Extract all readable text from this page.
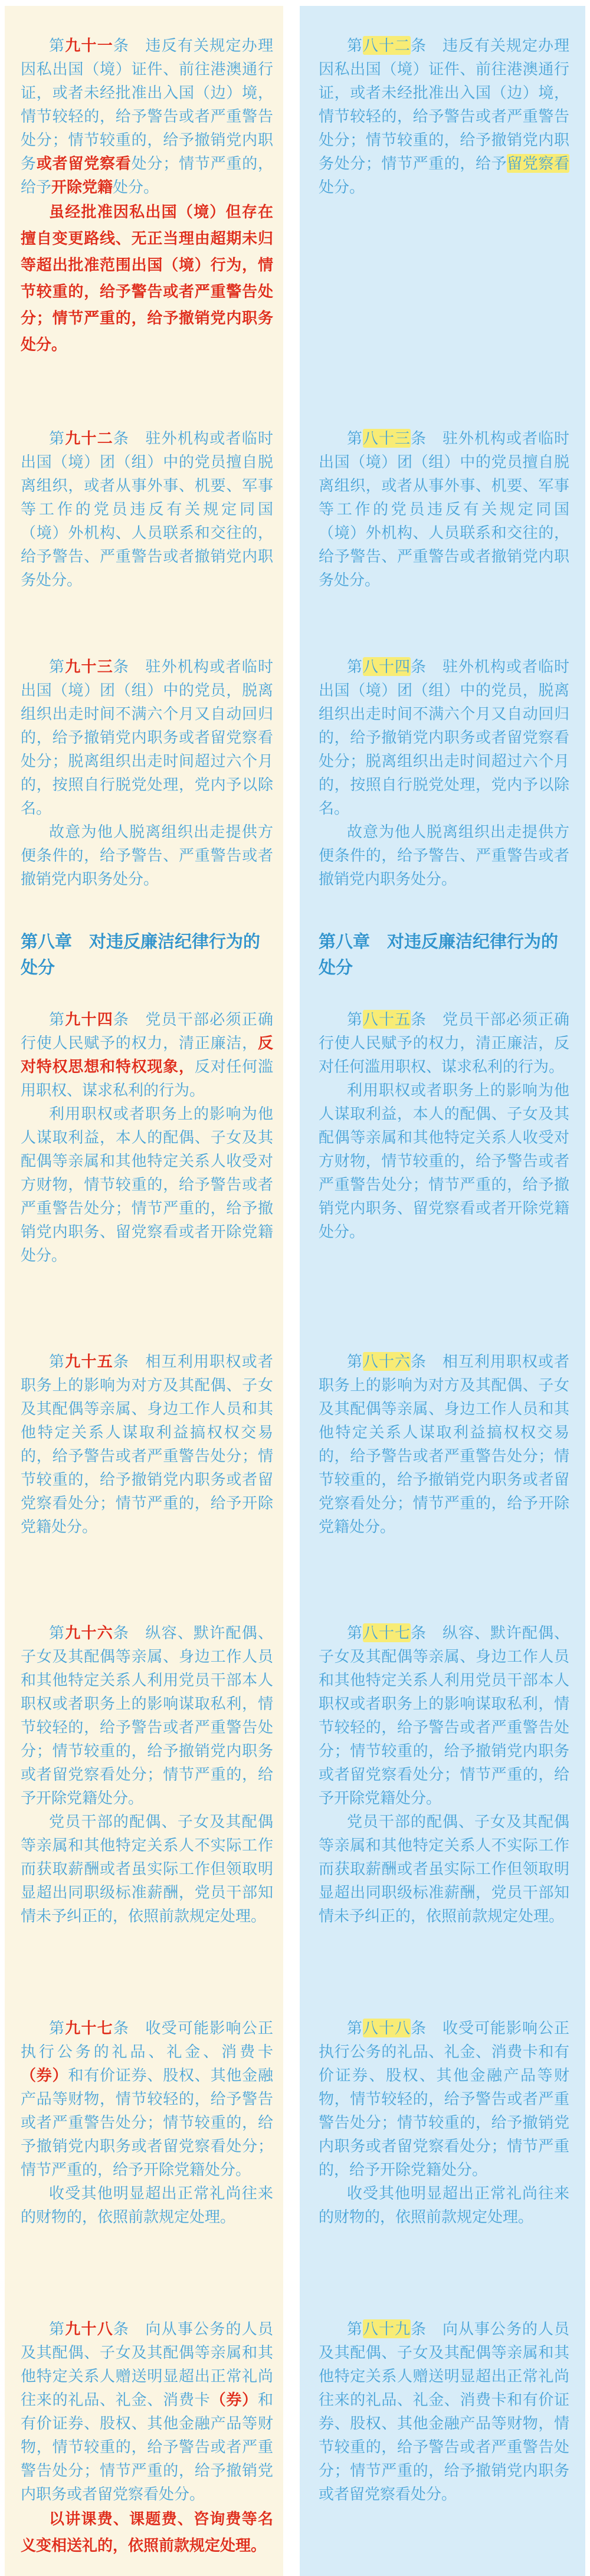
第九十一条　违反有关规定办理因私出国（境）证件、前往港澳通行证，或者未经批准出入国（边）境，情节较轻的，给予警告或者严重警告处分；情节较重的，给予撤销党内职务或者留党察看处分；情节严重的，给予开除党籍处分。

虽经批准因私出国（境）但存在擅自变更路线、无正当理由超期未归等超出批准范围出国（境）行为，情节较重的，给予警告或者严重警告处分；情节严重的，给予撤销党内职务处分。

第九十二条　驻外机构或者临时出国（境）团（组）中的党员擅自脱离组织，或者从事外事、机要、军事等工作的党员违反有关规定同国（境）外机构、人员联系和交往的，给予警告、严重警告或者撤销党内职务处分。

第九十三条　驻外机构或者临时出国（境）团（组）中的党员，脱离组织出走时间不满六个月又自动回归的，给予撤销党内职务或者留党察看处分；脱离组织出走时间超过六个月的，按照自行脱党处理，党内予以除名。

故意为他人脱离组织出走提供方便条件的，给予警告、严重警告或者撤销党内职务处分。

第八章　对违反廉洁纪律行为的处分

第九十四条　党员干部必须正确行使人民赋予的权力，清正廉洁，反对特权思想和特权现象，反对任何滥用职权、谋求私利的行为。

利用职权或者职务上的影响为他人谋取利益，本人的配偶、子女及其配偶等亲属和其他特定关系人收受对方财物，情节较重的，给予警告或者严重警告处分；情节严重的，给予撤销党内职务、留党察看或者开除党籍处分。

第九十五条　相互利用职权或者职务上的影响为对方及其配偶、子女及其配偶等亲属、身边工作人员和其他特定关系人谋取利益搞权权交易的，给予警告或者严重警告处分；情节较重的，给予撤销党内职务或者留党察看处分；情节严重的，给予开除党籍处分。

第九十六条　纵容、默许配偶、子女及其配偶等亲属、身边工作人员和其他特定关系人利用党员干部本人职权或者职务上的影响谋取私利，情节较轻的，给予警告或者严重警告处分；情节较重的，给予撤销党内职务或者留党察看处分；情节严重的，给予开除党籍处分。

党员干部的配偶、子女及其配偶等亲属和其他特定关系人不实际工作而获取薪酬或者虽实际工作但领取明显超出同职级标准薪酬，党员干部知情未予纠正的，依照前款规定处理。

第九十七条　收受可能影响公正执行公务的礼品、礼金、消费卡（券）和有价证券、股权、其他金融产品等财物，情节较轻的，给予警告或者严重警告处分；情节较重的，给予撤销党内职务或者留党察看处分；情节严重的，给予开除党籍处分。

收受其他明显超出正常礼尚往来的财物的，依照前款规定处理。

第九十八条　向从事公务的人员及其配偶、子女及其配偶等亲属和其他特定关系人赠送明显超出正常礼尚往来的礼品、礼金、消费卡（券）和有价证券、股权、其他金融产品等财物，情节较重的，给予警告或者严重警告处分；情节严重的，给予撤销党内职务或者留党察看处分。

以讲课费、课题费、咨询费等名义变相送礼的，依照前款规定处理。

第八十二条　违反有关规定办理因私出国（境）证件、前往港澳通行证，或者未经批准出入国（边）境，情节较轻的，给予警告或者严重警告处分；情节较重的，给予撤销党内职务处分；情节严重的，给予留党察看处分。

第八十三条　驻外机构或者临时出国（境）团（组）中的党员擅自脱离组织，或者从事外事、机要、军事等工作的党员违反有关规定同国（境）外机构、人员联系和交往的，给予警告、严重警告或者撤销党内职务处分。

第八十四条　驻外机构或者临时出国（境）团（组）中的党员，脱离组织出走时间不满六个月又自动回归的，给予撤销党内职务或者留党察看处分；脱离组织出走时间超过六个月的，按照自行脱党处理，党内予以除名。

故意为他人脱离组织出走提供方便条件的，给予警告、严重警告或者撤销党内职务处分。

第八章　对违反廉洁纪律行为的处分

第八十五条　党员干部必须正确行使人民赋予的权力，清正廉洁，反对任何滥用职权、谋求私利的行为。

利用职权或者职务上的影响为他人谋取利益，本人的配偶、子女及其配偶等亲属和其他特定关系人收受对方财物，情节较重的，给予警告或者严重警告处分；情节严重的，给予撤销党内职务、留党察看或者开除党籍处分。

第八十六条　相互利用职权或者职务上的影响为对方及其配偶、子女及其配偶等亲属、身边工作人员和其他特定关系人谋取利益搞权权交易的，给予警告或者严重警告处分；情节较重的，给予撤销党内职务或者留党察看处分；情节严重的，给予开除党籍处分。

第八十七条　纵容、默许配偶、子女及其配偶等亲属、身边工作人员和其他特定关系人利用党员干部本人职权或者职务上的影响谋取私利，情节较轻的，给予警告或者严重警告处分；情节较重的，给予撤销党内职务或者留党察看处分；情节严重的，给予开除党籍处分。

党员干部的配偶、子女及其配偶等亲属和其他特定关系人不实际工作而获取薪酬或者虽实际工作但领取明显超出同职级标准薪酬，党员干部知情未予纠正的，依照前款规定处理。

第八十八条　收受可能影响公正执行公务的礼品、礼金、消费卡和有价证券、股权、其他金融产品等财物，情节较轻的，给予警告或者严重警告处分；情节较重的，给予撤销党内职务或者留党察看处分；情节严重的，给予开除党籍处分。

收受其他明显超出正常礼尚往来的财物的，依照前款规定处理。

第八十九条　向从事公务的人员及其配偶、子女及其配偶等亲属和其他特定关系人赠送明显超出正常礼尚往来的礼品、礼金、消费卡和有价证券、股权、其他金融产品等财物，情节较重的，给予警告或者严重警告处分；情节严重的，给予撤销党内职务或者留党察看处分。
